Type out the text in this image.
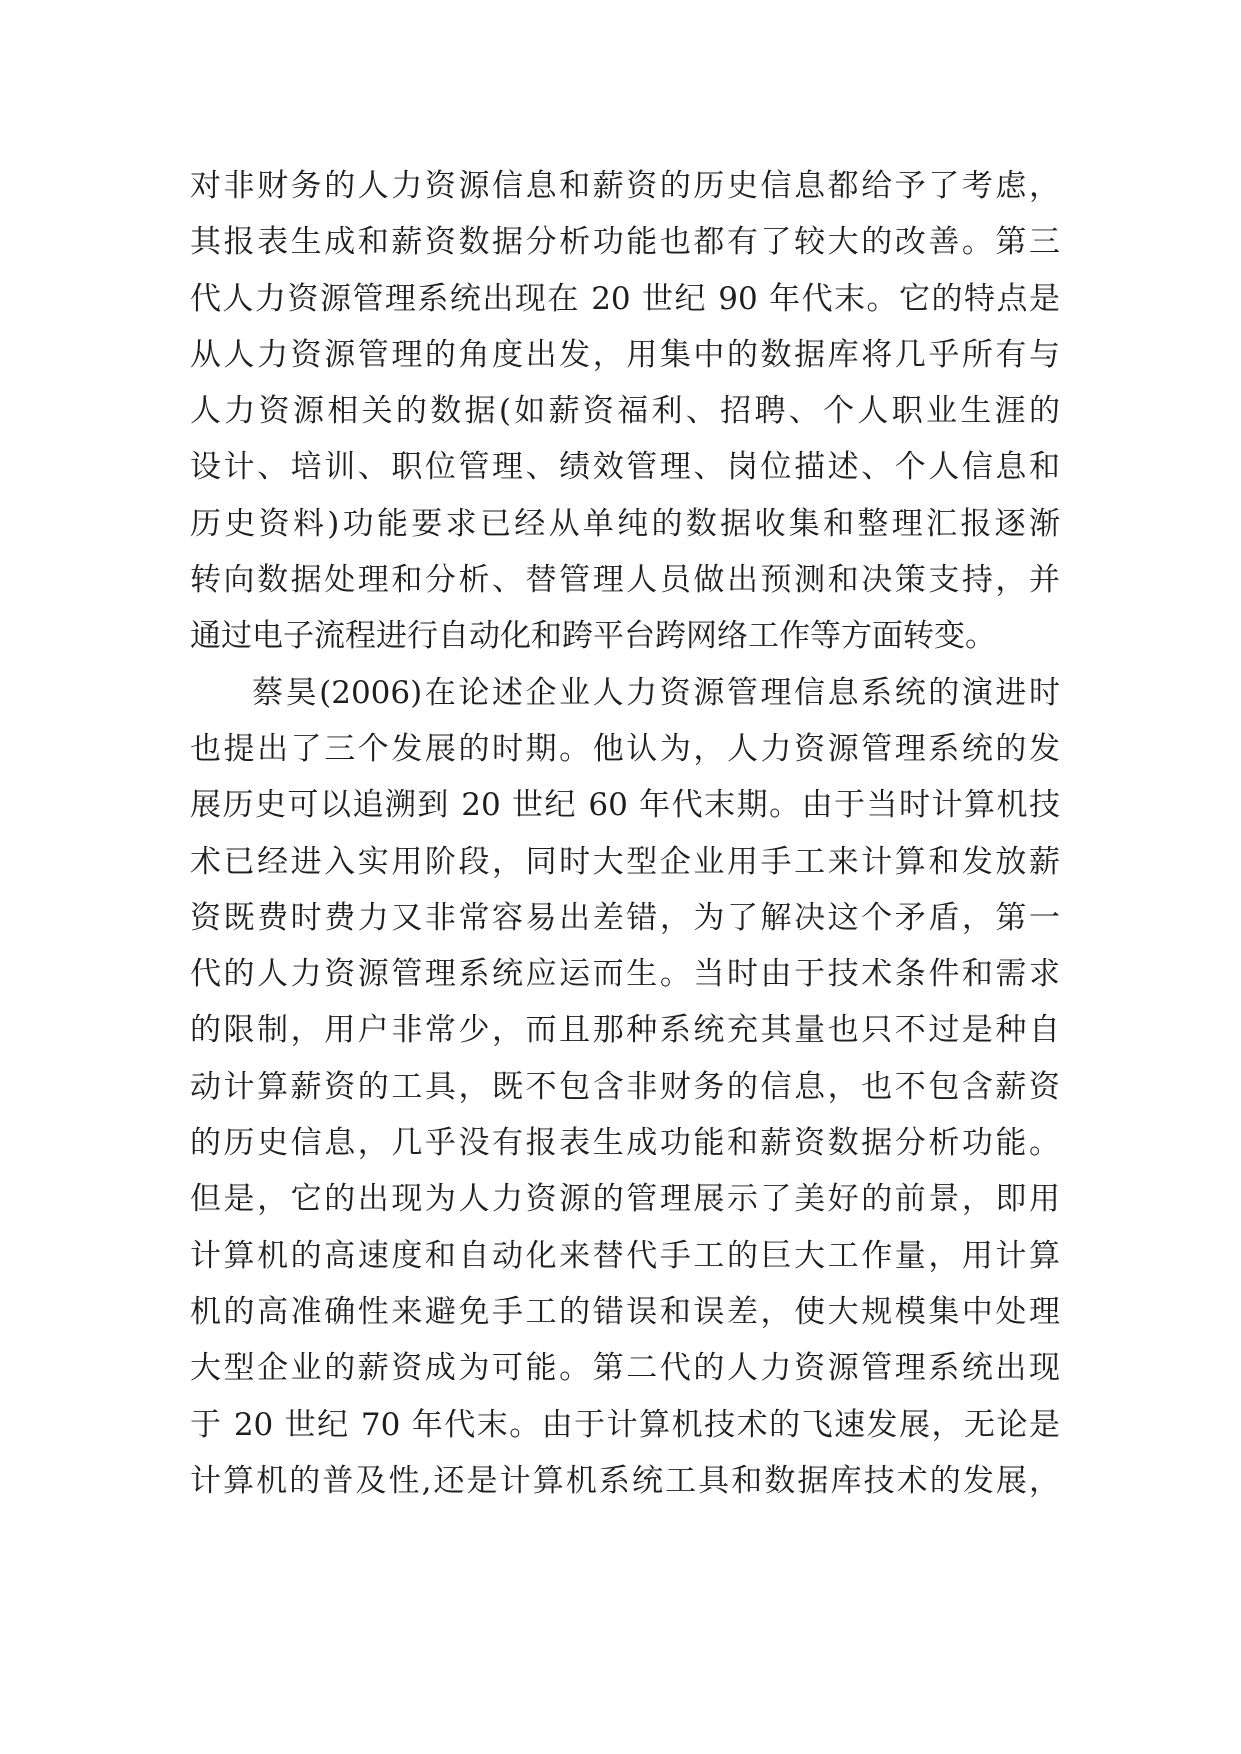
对非财务的人力资源信息和薪资的历史信息都给予了考虑，
其报表生成和薪资数据分析功能也都有了较大的改善。第三
代人力资源管理系统出现在 20 世纪 90 年代末。它的特点是
从人力资源管理的角度出发，用集中的数据库将几乎所有与
人力资源相关的数据(如薪资福利、招聘、个人职业生涯的
设计、培训、职位管理、绩效管理、岗位描述、个人信息和
历史资料)功能要求已经从单纯的数据收集和整理汇报逐渐
转向数据处理和分析、替管理人员做出预测和决策支持，并
通过电子流程进行自动化和跨平台跨网络工作等方面转变。
蔡昊(2006)在论述企业人力资源管理信息系统的演进时
也提出了三个发展的时期。他认为，人力资源管理系统的发
展历史可以追溯到 20 世纪 60 年代末期。由于当时计算机技
术已经进入实用阶段，同时大型企业用手工来计算和发放薪
资既费时费力又非常容易出差错，为了解决这个矛盾，第一
代的人力资源管理系统应运而生。当时由于技术条件和需求
的限制，用户非常少，而且那种系统充其量也只不过是种自
动计算薪资的工具，既不包含非财务的信息，也不包含薪资
的历史信息，几乎没有报表生成功能和薪资数据分析功能。
但是，它的出现为人力资源的管理展示了美好的前景，即用
计算机的高速度和自动化来替代手工的巨大工作量，用计算
机的高准确性来避免手工的错误和误差，使大规模集中处理
大型企业的薪资成为可能。第二代的人力资源管理系统出现
于 20 世纪 70 年代末。由于计算机技术的飞速发展，无论是
计算机的普及性,还是计算机系统工具和数据库技术的发展，
